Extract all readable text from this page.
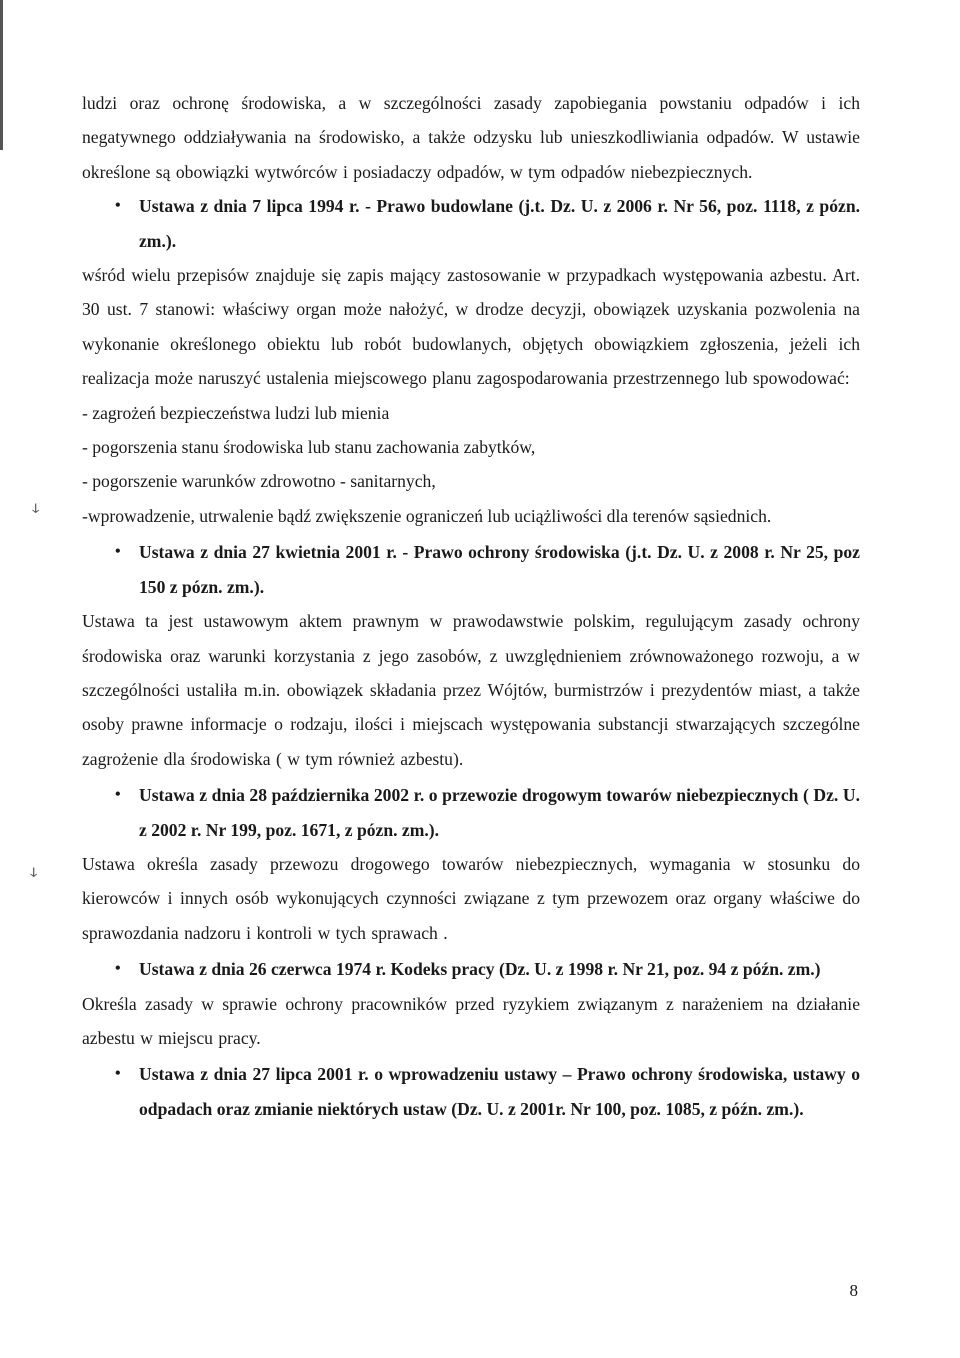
ↆ
ↆ

ludzi oraz ochronę środowiska, a w szczególności zasady zapobiegania powstaniu odpadów i ich negatywnego oddziaływania na środowisko, a także odzysku lub unieszkodliwiania odpadów. W ustawie określone są obowiązki wytwórców i posiadaczy odpadów, w tym odpadów niebezpiecznych.

• Ustawa z dnia 7 lipca 1994 r. - Prawo budowlane (j.t. Dz. U. z 2006 r. Nr 56, poz. 1118, z pózn. zm.).

wśród wielu przepisów znajduje się zapis mający zastosowanie w przypadkach występowania azbestu. Art. 30 ust. 7 stanowi: właściwy organ może nałożyć, w drodze decyzji, obowiązek uzyskania pozwolenia na wykonanie określonego obiektu lub robót budowlanych, objętych obowiązkiem zgłoszenia, jeżeli ich realizacja może naruszyć ustalenia miejscowego planu zagospodarowania przestrzennego lub spowodować:

- zagrożeń bezpieczeństwa ludzi lub mienia

- pogorszenia stanu środowiska lub stanu zachowania zabytków,

- pogorszenie warunków zdrowotno - sanitarnych,

-wprowadzenie, utrwalenie bądź zwiększenie ograniczeń lub uciążliwości dla terenów sąsiednich.

• Ustawa z dnia 27 kwietnia 2001 r. - Prawo ochrony środowiska (j.t. Dz. U. z 2008 r. Nr 25, poz 150 z pózn. zm.).

Ustawa ta jest ustawowym aktem prawnym w prawodawstwie polskim, regulującym zasady ochrony środowiska oraz warunki korzystania z jego zasobów, z uwzględnieniem zrównoważonego rozwoju, a w szczególności ustaliła m.in. obowiązek składania przez Wójtów, burmistrzów i prezydentów miast, a także osoby prawne informacje o rodzaju, ilości i miejscach występowania substancji stwarzających szczególne zagrożenie dla środowiska ( w tym również azbestu).

• Ustawa z dnia 28 października 2002 r. o przewozie drogowym towarów niebezpiecznych ( Dz. U. z 2002 r. Nr 199, poz. 1671, z pózn. zm.).

Ustawa określa zasady przewozu drogowego towarów niebezpiecznych, wymagania w stosunku do kierowców i innych osób wykonujących czynności związane z tym przewozem oraz organy właściwe do sprawozdania nadzoru i kontroli w tych sprawach .

• Ustawa z dnia 26 czerwca 1974 r. Kodeks pracy (Dz. U. z 1998 r. Nr 21, poz. 94 z późn. zm.)

Określa zasady w sprawie ochrony pracowników przed ryzykiem związanym z narażeniem na działanie azbestu w miejscu pracy.

• Ustawa z dnia 27 lipca 2001 r. o wprowadzeniu ustawy – Prawo ochrony środowiska, ustawy o odpadach oraz zmianie niektórych ustaw (Dz. U. z 2001r. Nr 100, poz. 1085, z późn. zm.).
8
